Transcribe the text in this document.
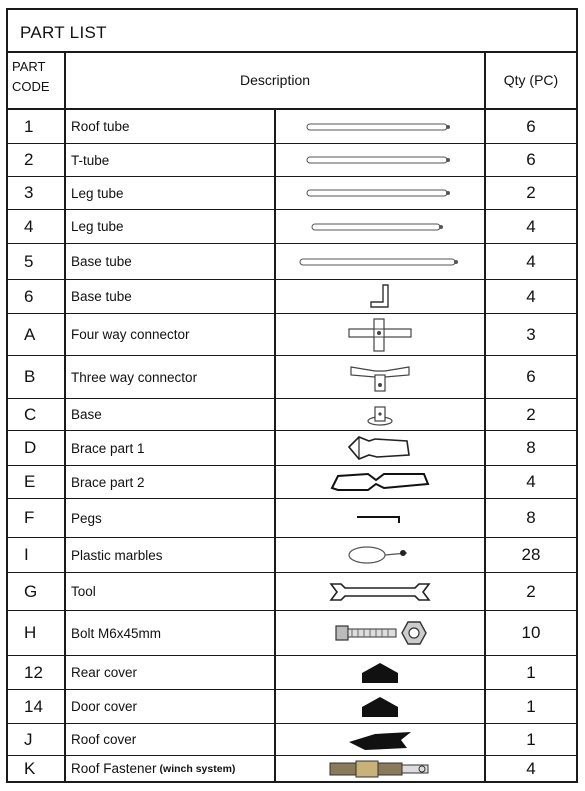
PART LIST
PART
CODE	Description	Qty (PC)
1	Roof tube	6
2	T-tube	6
3	Leg tube	2
4	Leg tube	4
5	Base tube	4
6	Base tube	4
A	Four way connector	3
B	Three way connector	6
C	Base	2
D	Brace part 1	8
E	Brace part 2	4
F	Pegs	8
I	Plastic marbles	28
G	Tool	2
H	Bolt M6x45mm	10
12	Rear cover	1
14	Door cover	1
J	Roof cover	1
K	Roof Fastener (winch system)	4
